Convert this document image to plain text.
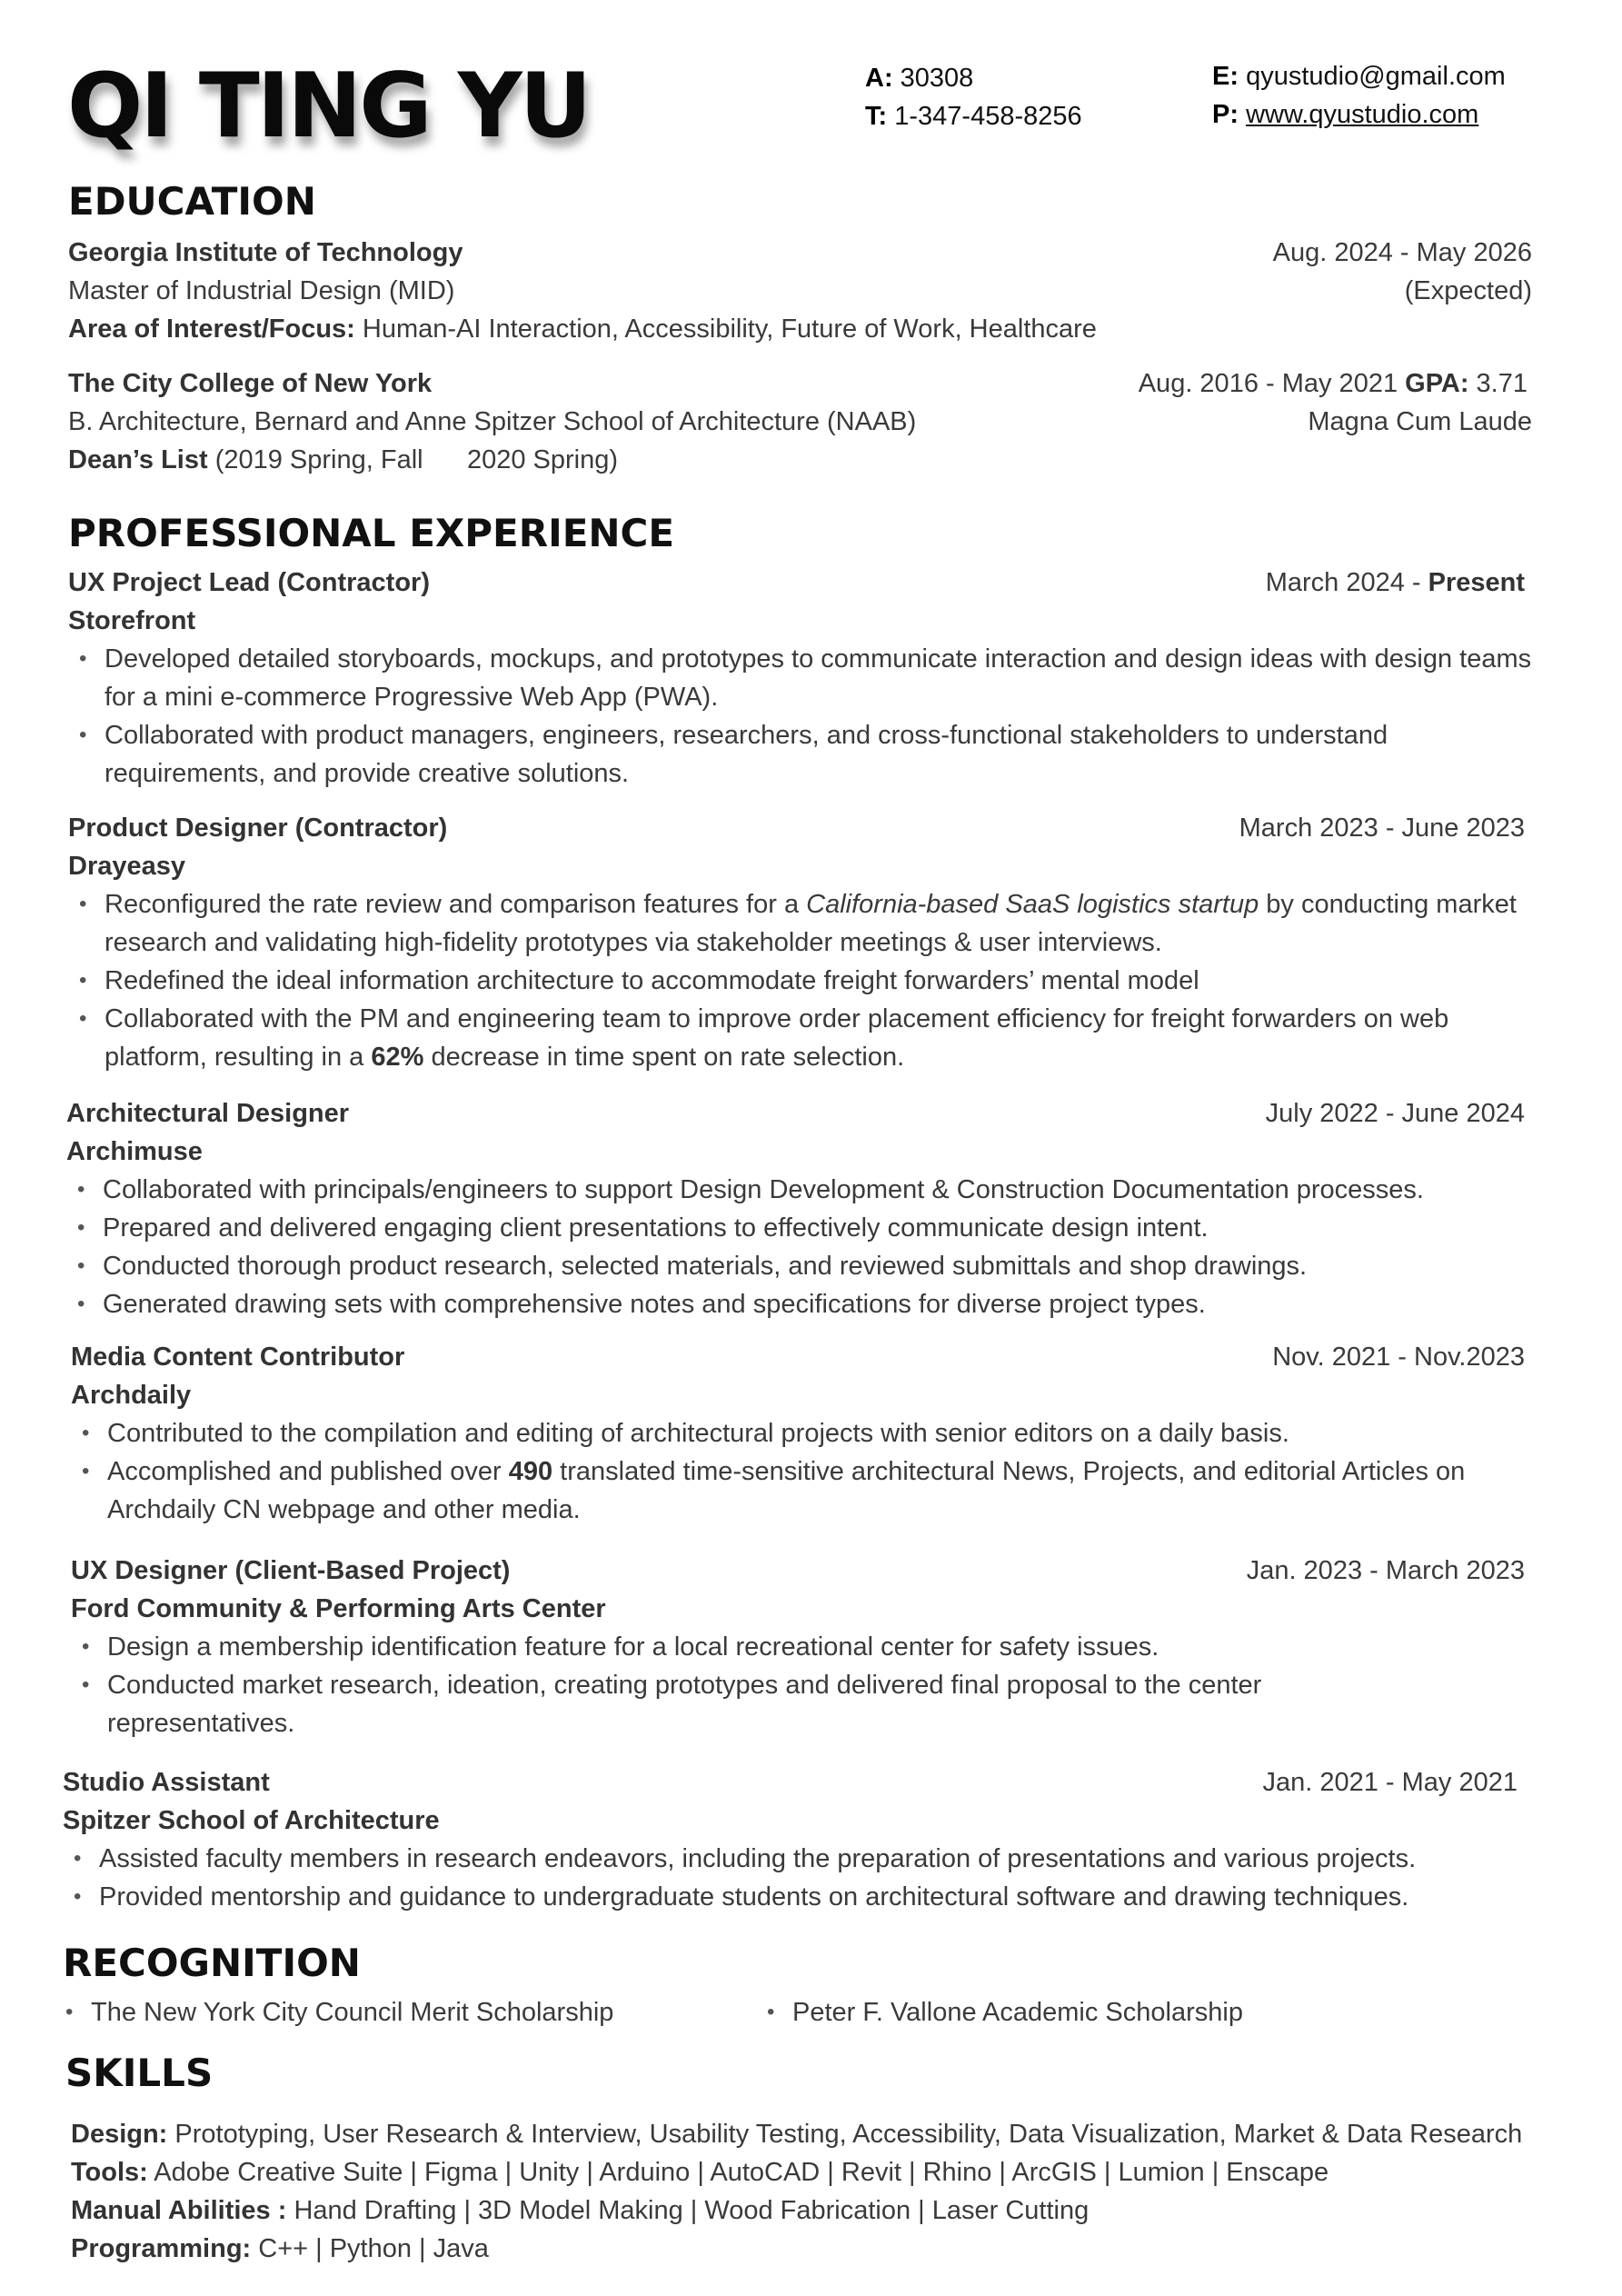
QI TING YU	A: 30308
T: 1-347-458-8256
E: qyustudio@gmail.com
P: www.qyustudio.com
EDUCATION
Georgia Institute of Technology	Aug. 2024 - May 2026
Master of Industrial Design (MID)	(Expected)
Area of Interest/Focus: Human-AI Interaction, Accessibility, Future of Work, Healthcare
The City College of New York	Aug. 2016 - May 2021 GPA: 3.71
B. Architecture, Bernard and Anne Spitzer School of Architecture (NAAB)	Magna Cum Laude
Dean’s List (2019 Spring, Fall      2020 Spring)
PROFESSIONAL EXPERIENCE
UX Project Lead (Contractor)	March 2024 - Present
Storefront
• Developed detailed storyboards, mockups, and prototypes to communicate interaction and design ideas with design teams for a mini e-commerce Progressive Web App (PWA).
• Collaborated with product managers, engineers, researchers, and cross-functional stakeholders to understand requirements, and provide creative solutions.
Product Designer (Contractor)	March 2023 - June 2023
Drayeasy
• Reconfigured the rate review and comparison features for a California-based SaaS logistics startup by conducting market research and validating high-fidelity prototypes via stakeholder meetings & user interviews.
• Redefined the ideal information architecture to accommodate freight forwarders’ mental model
• Collaborated with the PM and engineering team to improve order placement efficiency for freight forwarders on web platform, resulting in a 62% decrease in time spent on rate selection.
Architectural Designer	July 2022 - June 2024
Archimuse
• Collaborated with principals/engineers to support Design Development & Construction Documentation processes.
• Prepared and delivered engaging client presentations to effectively communicate design intent.
• Conducted thorough product research, selected materials, and reviewed submittals and shop drawings.
• Generated drawing sets with comprehensive notes and specifications for diverse project types.
Media Content Contributor	Nov. 2021 - Nov.2023
Archdaily
• Contributed to the compilation and editing of architectural projects with senior editors on a daily basis.
• Accomplished and published over 490 translated time-sensitive architectural News, Projects, and editorial Articles on Archdaily CN webpage and other media.
UX Designer (Client-Based Project)	Jan. 2023 - March 2023
Ford Community & Performing Arts Center
• Design a membership identification feature for a local recreational center for safety issues.
• Conducted market research, ideation, creating prototypes and delivered final proposal to the center representatives.
Studio Assistant	Jan. 2021 - May 2021
Spitzer School of Architecture
• Assisted faculty members in research endeavors, including the preparation of presentations and various projects.
• Provided mentorship and guidance to undergraduate students on architectural software and drawing techniques.
RECOGNITION
• The New York City Council Merit Scholarship
•	Peter F. Vallone Academic Scholarship
SKILLS
Design: Prototyping, User Research & Interview, Usability Testing, Accessibility, Data Visualization, Market & Data Research
Tools: Adobe Creative Suite | Figma | Unity | Arduino | AutoCAD | Revit | Rhino | ArcGIS | Lumion | Enscape
Manual Abilities : Hand Drafting | 3D Model Making | Wood Fabrication | Laser Cutting
Programming: C++ | Python | Java
